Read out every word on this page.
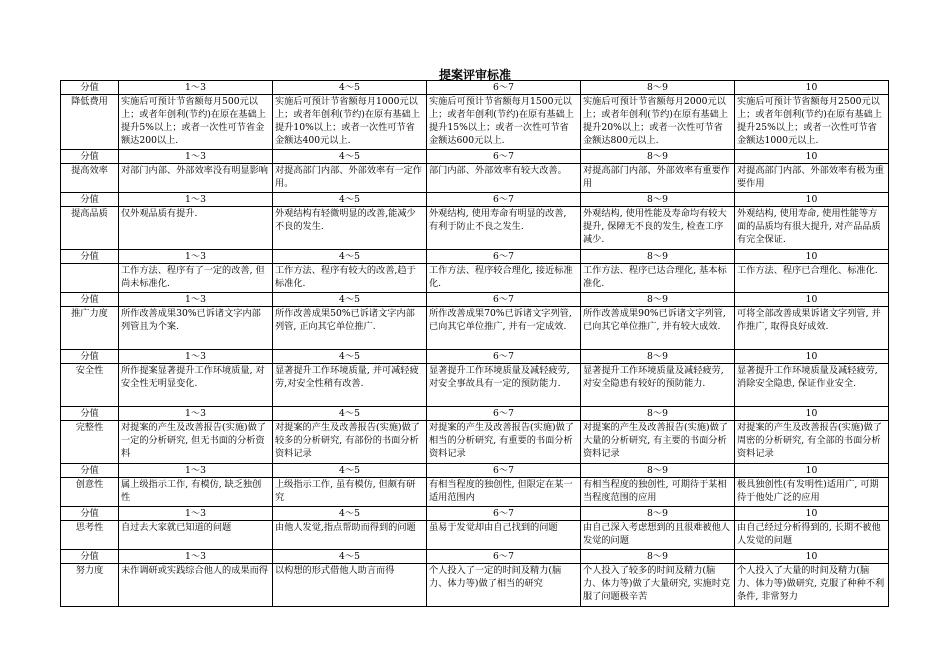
提案评审标准
分值	1～3	4～5	6～7	8～9	10
降低费用	实施后可预计节省额每月500元以上；或者年创利(节约)在原在基础上提升5%以上；或者一次性可节省金额达200以上.	实施后可预计节省额每月1000元以上；或者年创利(节约)在原有基础上提升10%以上；或者一次性可节省金额达400元以上.	实施后可预计节省额每月1500元以上；或者年创利(节约)在原有基础上提升15%以上；或者一次性可节省金额达600元以上.	实施后可预计节省额每月2000元以上；或者年创利(节约)在原有基础上提升20%以上；或者一次性可节省金额达800元以上.	实施后可预计节省额每月2500元以上；或者年创利(节约)在原有基础上提升25%以上；或者一次性可节省金额达1000元以上.

分值	1～3	4～5	6～7	8～9	10
提高效率	对部门内部、外部效率没有明显影响	对提高部门内部、外部效率有一定作用。	部门内部、外部效率有较大改善。	对提高部门内部、外部效率有重要作用	对提高部门内部、外部效率有极为重要作用

分值	1～3	4～5	6～7	8～9	10
提高品质	仅外观品质有提升.	外观结构有轻微明显的改善,能减少不良的发生.	外观结构, 使用寿命有明显的改善, 有利于防止不良之发生.	外观结构, 使用性能及寿命均有较大提升, 保障无不良的发生, 检查工序减少.	外观结构, 使用寿命, 使用性能等方面的品质均有很大提升, 对产品品质有完全保证.

分值	1～3	4～5	6～7	8～9	10

	工作方法、程序有了一定的改善, 但尚未标准化.	工作方法、程序有较大的改善,趋于标准化.	工作方法、程序较合理化, 接近标准化.	工作方法、程序已达合理化, 基本标准化.	工作方法、程序已合理化、标准化.

分值	1～3	4～5	6～7	8～9	10
推广力度	所作改善成果30%已诉诸文字内部列管且为个案.	所作改善成果50%已诉诸文字内部列管, 正向其它单位推广.	所作改善成果70%已诉诸文字列管, 已向其它单位推广, 并有一定成效.	所作改善成果90%已诉诸文字列管, 已向其它单位推广, 并有较大成效.	可将全部改善成果诉诸文字列管, 并作推广, 取得良好成效.

分值	1～3	4～5	6～7	8～9	10
安全性	所作提案显著提升工作环境质量, 对安全性无明显变化.	显著提升工作环境质量, 并可减轻疲劳,对安全性稍有改善.	显著提升工作环境质量及减轻疲劳, 对安全事故具有一定的预防能力.	显著提升工作环境质量及减轻疲劳, 对安全隐患有较好的预防能力.	显著提升工作环境质量及减轻疲劳,消除安全隐患, 保证作业安全.

分值	1～3	4～5	6～7	8～9	10
完整性	对提案的产生及改善报告(实施)做了一定的分析研究, 但无书面的分析资料	对提案的产生及改善报告(实施)做了较多的分析研究, 有部份的书面分析资料记录	对提案的产生及改善报告(实施)做了相当的分析研究, 有重要的书面分析资料记录	对提案的产生及改善报告(实施)做了大量的分析研究, 有主要的书面分析资料记录	对提案的产生及改善报告(实施)做了周密的分析研究, 有全部的书面分析资料记录

分值	1～3	4～5	6～7	8～9	10
创意性	属上级指示工作, 有模仿, 缺乏独创性	上级指示工作, 虽有模仿, 但颇有研究	有相当程度的独创性, 但限定在某一适用范围内	有相当程度的独创性, 可期待于某相当程度范围的应用	极具独创性(有发明性)适用广, 可期待于他处广泛的应用

分值	1～3	4～5	6～7	8～9	10
思考性	自过去大家就已知道的问题	由他人发觉,指点帮助而得到的问题	虽易于发觉却由自己找到的问题	由自己深入考虑想到的且很难被他人发觉的问题	由自己经过分析得到的, 长期不被他人发觉的问题

分值	1～3	4～5	6～7	8～9	10
努力度	未作调研或实践综合他人的成果而得	以构想的形式借他人助言而得	个人投入了一定的时间及精力(脑力、体力等)做了相当的研究	个人投入了较多的时间及精力(脑力、体力等)做了大量研究, 实施时克服了问题极辛苦	个人投入了大量的时间及精力(脑力、体力等)做研究, 克服了种种不利条件, 非常努力
